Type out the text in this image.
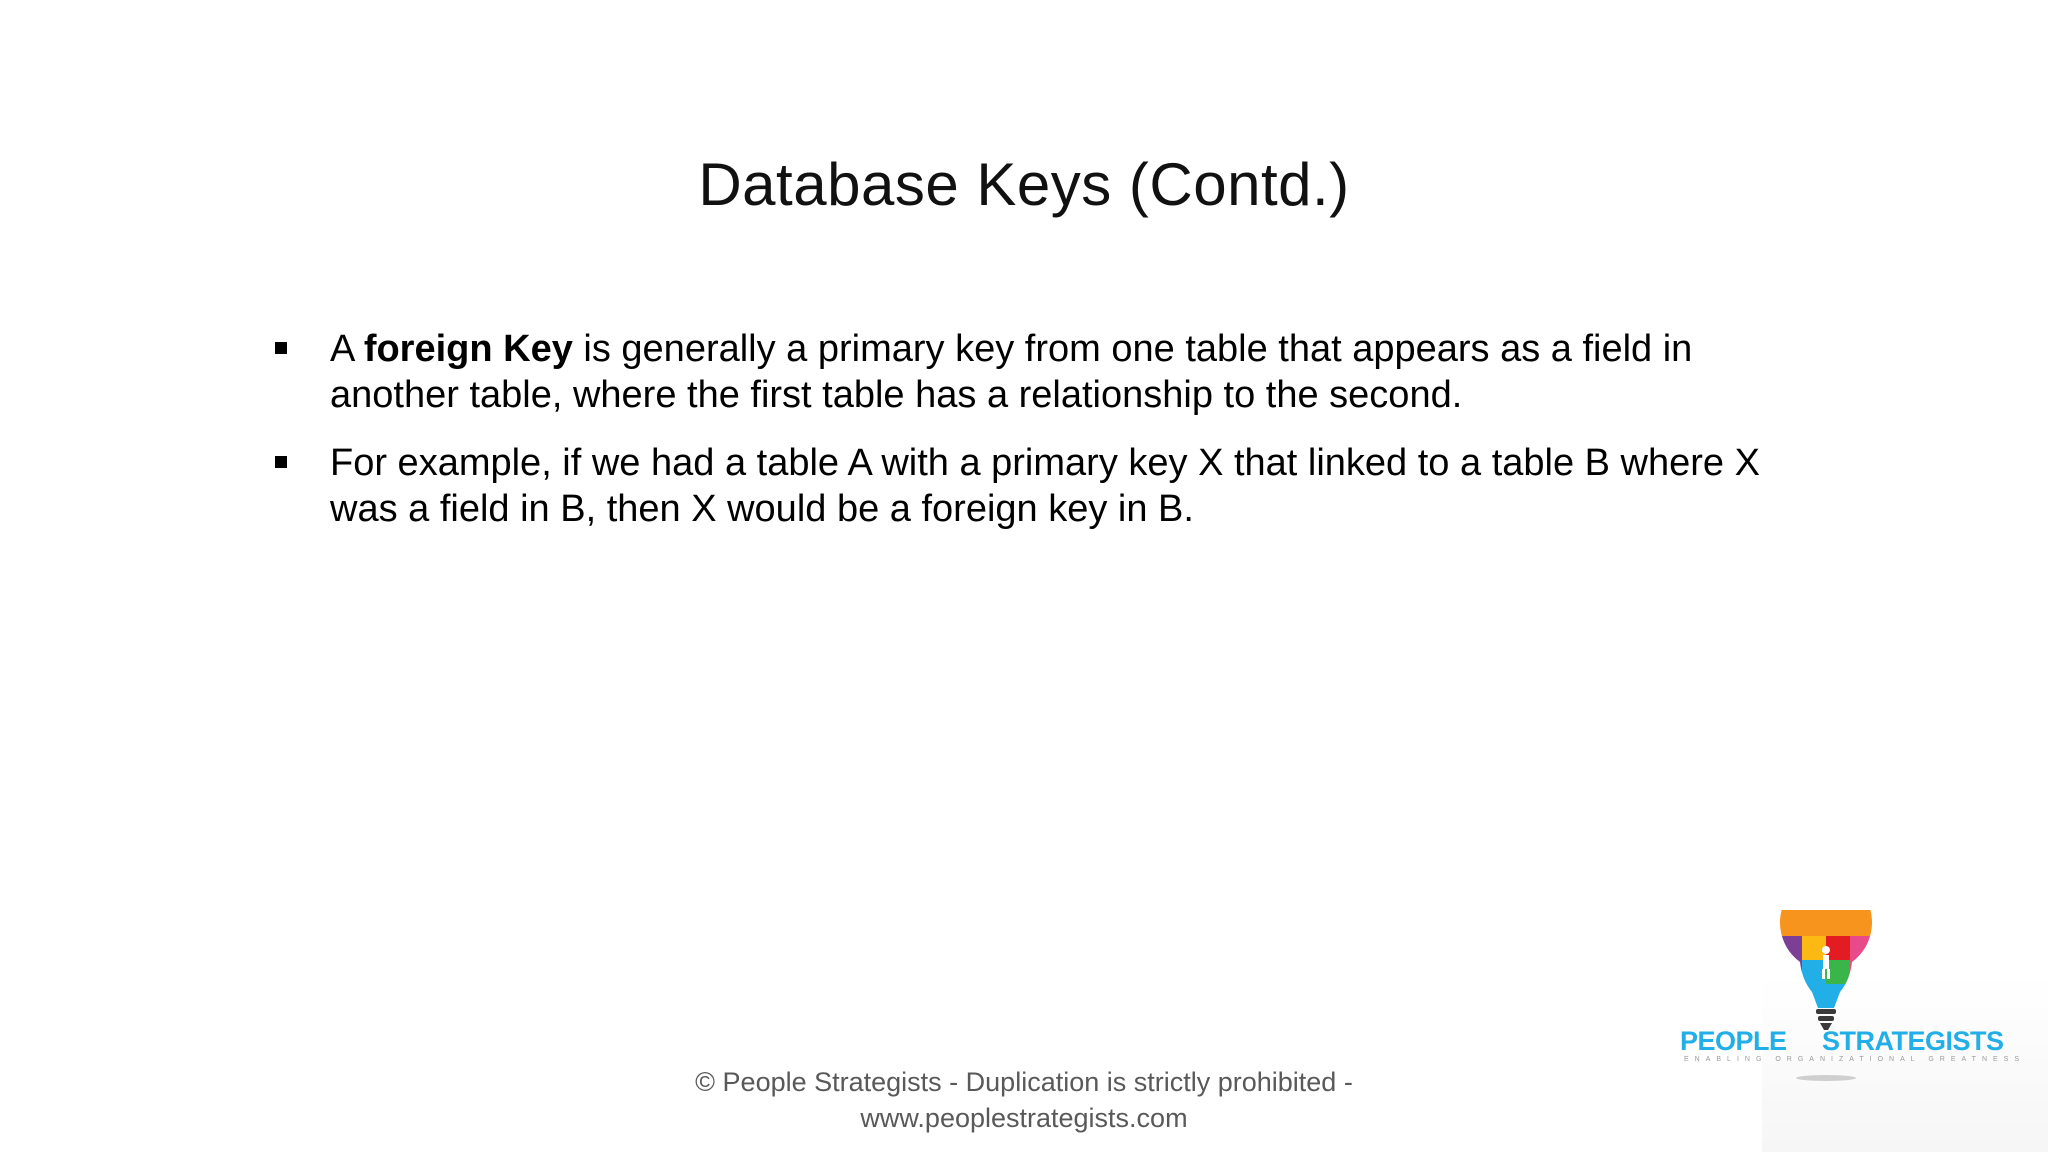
Database Keys (Contd.)
A foreign Key is generally a primary key from one table that appears as a field in another table, where the first table has a relationship to the second.
For example, if we had a table A with a primary key X that linked to a table B where X was a field in B, then X would be a foreign key in B.
© People Strategists - Duplication is strictly prohibited -
www.peoplestrategists.com
PEOPLE STRATEGISTS
ENABLING ORGANIZATIONAL GREATNESS
